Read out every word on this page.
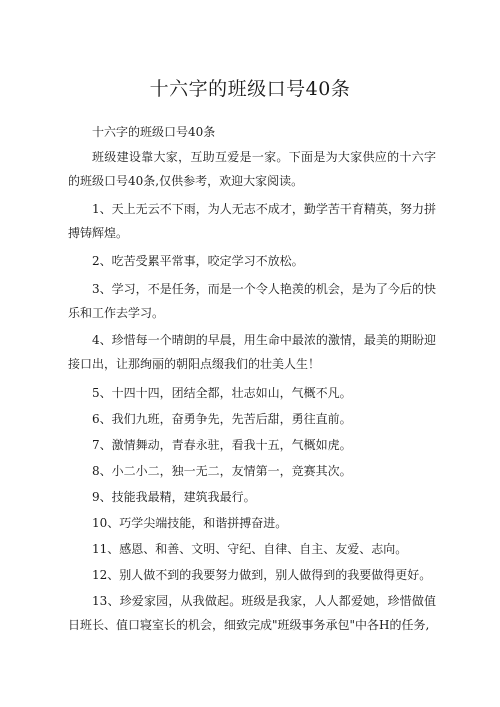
十六字的班级口号40条

十六字的班级口号40条

班级建设靠大家，互助互爱是一家。下面是为大家供应的十六字的班级口号40条,仅供参考，欢迎大家阅读。

1、天上无云不下雨，为人无志不成才，勤学苦干育精英，努力拼搏铸辉煌。

2、吃苦受累平常事，咬定学习不放松。

3、学习，不是任务，而是一个令人艳羡的机会，是为了今后的快乐和工作去学习。

4、珍惜每一个晴朗的早晨，用生命中最浓的激情，最美的期盼迎接口出，让那绚丽的朝阳点缀我们的壮美人生！

5、十四十四，团结全都，壮志如山，气概不凡。

6、我们九班，奋勇争先，先苦后甜，勇往直前。

7、激情舞动，青春永驻，看我十五，气概如虎。

8、小二小二，独一无二，友情第一，竞赛其次。

9、技能我最精，建筑我最行。

10、巧学尖端技能，和谐拼搏奋进。

11、感恩、和善、文明、守纪、自律、自主、友爱、志向。

12、别人做不到的我要努力做到，别人做得到的我要做得更好。

13、珍爱家园，从我做起。班级是我家，人人都爱她，珍惜做值日班长、值口寝室长的机会，细致完成"班级事务承包"中各H的任务,
